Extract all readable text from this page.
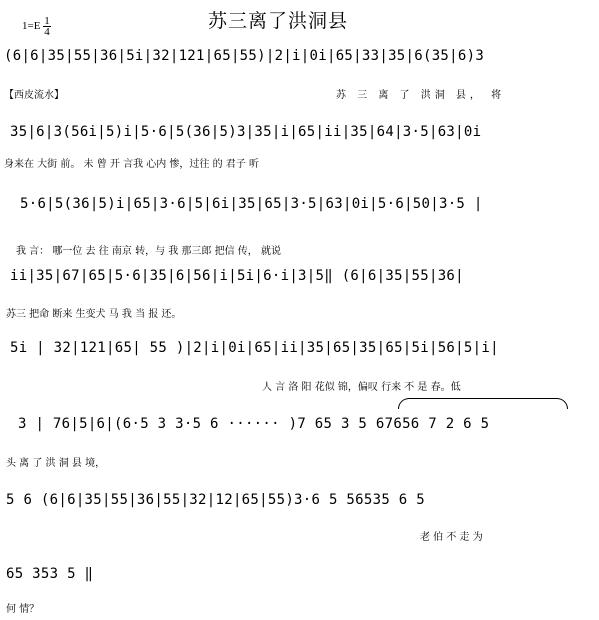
$1=E \frac{1}{4}$	苏三离了洪洞县
(6|6|35|55|36|5i|32|121|65|55)|2|i|0i|65|33|35|6(35|6)3
【西皮流水】	苏 三 离 了 洪洞 县， 将
35|6|3(56i|5)i|5·6|5(36|5)3|35|i|65|ii|35|64|3·5|63|0i
身来在 大街 前。 未 曾 开 言我 心内 惨，过往 的 君子 听
5·6|5(36|5)i|65|3·6|5|6i|35|65|3·5|63|0i|5·6|50|3·5 |
我 言： 哪一位 去 往 南京 转，与 我 那三郎 把信 传， 就说
ii|35|67|65|5·6|35|6|56|i|5i|6·i|3|5‖ (6|6|35|55|36|
苏三 把命 断来 生变犬 马 我 当 报 还。
5i | 32|121|65| 55 )|2|i|0i|65|ii|35|65|35|65|5i|56|5|i|
人 言 洛 阳 花似 锦，偏叹 行来 不 是 春。低
3 | 76|5|6|(6·5 3 3·5 6 ······ )7 65 3 5 67656 7 2 6 5
头 离 了 洪 洞 县 境，
5 6 (6|6|35|55|36|55|32|12|65|55)3·6 5 56535 6 5
老 伯 不 走 为
65 353 5 ‖
何 情？
